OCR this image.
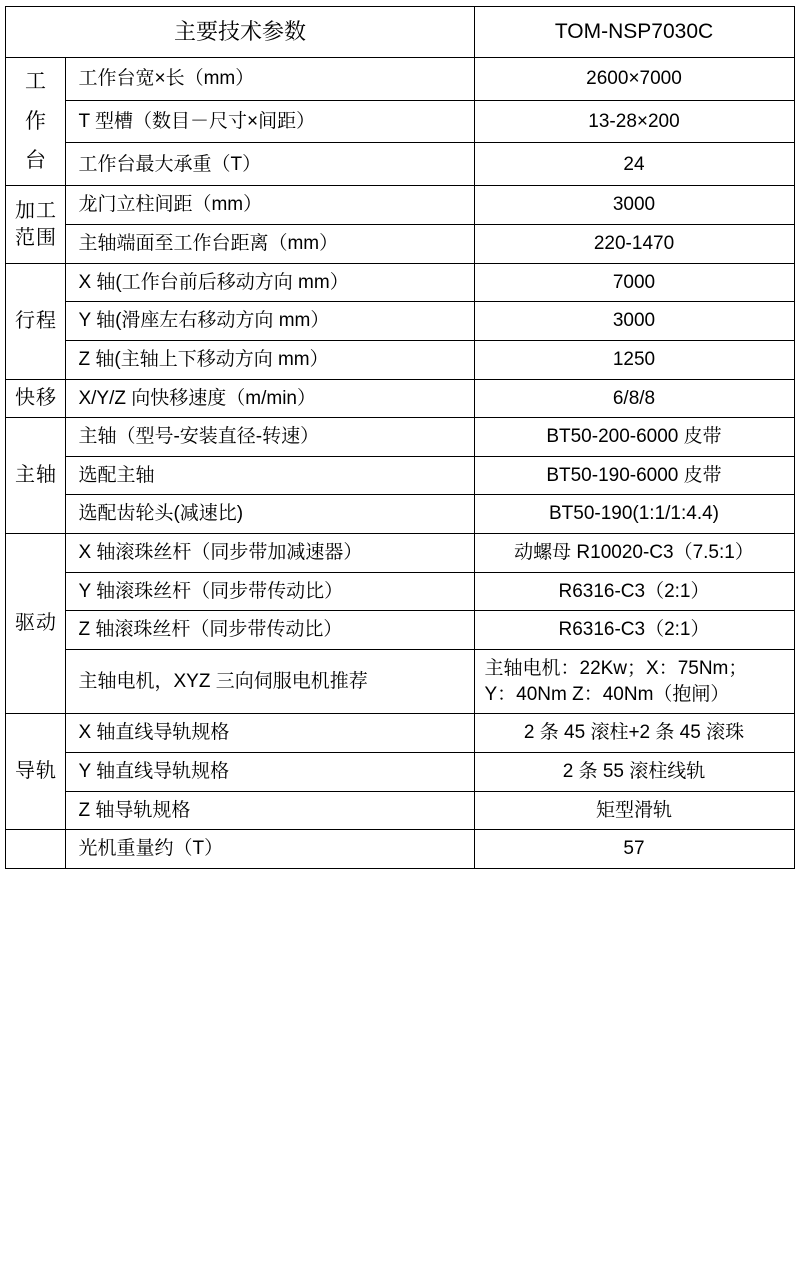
主要技术参数		TOM-NSP7030C
工
作
台	工作台宽×长（mm）	2600×7000
	T 型槽（数目－尺寸×间距）	13-28×200
	工作台最大承重（T）	24
加工
范围	龙门立柱间距（mm）	3000
	主轴端面至工作台距离（mm）	220-1470
行程	X 轴(工作台前后移动方向 mm）	7000
	Y 轴(滑座左右移动方向 mm）	3000
	Z 轴(主轴上下移动方向 mm）	1250
快移	X/Y/Z 向快移速度（m/min）	6/8/8
主轴	主轴（型号-安装直径-转速）	BT50-200-6000 皮带
	选配主轴	BT50-190-6000 皮带
	选配齿轮头(减速比)	BT50-190(1:1/1:4.4)
驱动	X 轴滚珠丝杆（同步带加减速器）	动螺母 R10020-C3（7.5:1）
	Y 轴滚珠丝杆（同步带传动比）	R6316-C3（2:1）
	Z 轴滚珠丝杆（同步带传动比）	R6316-C3（2:1）
	主轴电机，XYZ 三向伺服电机推荐	主轴电机：22Kw；X：75Nm；
Y：40Nm Z：40Nm（抱闸）

导轨	X 轴直线导轨规格	2 条 45 滚柱+2 条 45 滚珠
	Y 轴直线导轨规格	2 条 55 滚柱线轨
	Z 轴导轨规格	矩型滑轨
	光机重量约（T）	57
